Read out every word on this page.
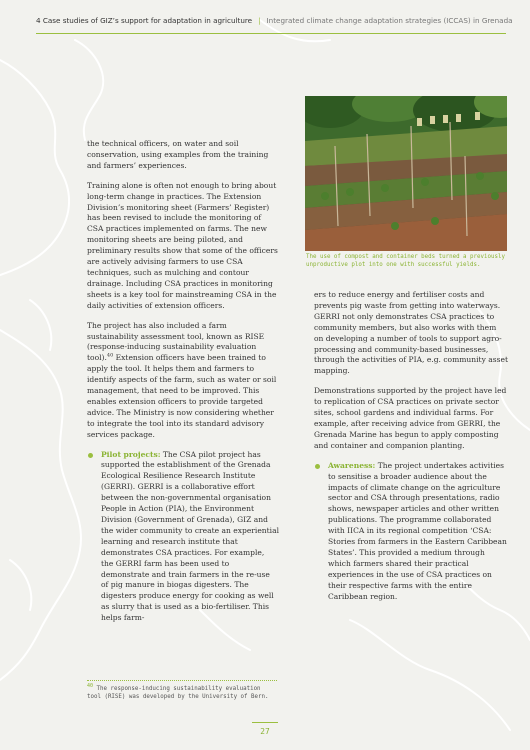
4 Case studies of GIZ’s support for adaptation in agriculture | Integrated climate change adaptation strategies (ICCAS) in Grenada

the technical officers, on water and soil conservation, using examples from the training and farmers’ experiences.

Training alone is often not enough to bring about long-term change in practices. The Extension Division’s monitoring sheet (Farmers’ Register) has been revised to include the monitoring of CSA practices implemented on farms. The new monitoring sheets are being piloted, and preliminary results show that some of the officers are actively advising farmers to use CSA techniques, such as mulching and contour drainage. Including CSA practices in monitoring sheets is a key tool for mainstreaming CSA in the daily activities of extension officers.

The project has also included a farm sustainability assessment tool, known as RISE (response-inducing sustainability evaluation tool).$^{40}$ Extension officers have been trained to apply the tool. It helps them and farmers to identify aspects of the farm, such as water or soil management, that need to be improved. This enables extension officers to provide targeted advice. The Ministry is now considering whether to integrate the tool into its standard advisory services package.

Pilot projects: The CSA pilot project has supported the establishment of the Grenada Ecological Resilience Research Institute (GERRI). GERRI is a collaborative effort between the non-governmental organisation People in Action (PIA), the Environment Division (Government of Grenada), GIZ and the wider community to create an experiential learning and research institute that demonstrates CSA practices. For example, the GERRI farm has been used to demonstrate and train farmers in the re-use of pig manure in biogas digesters. The digesters produce energy for cooking as well as slurry that is used as a bio-fertiliser. This helps farm-

The use of compost and container beds turned a previously unproductive plot into one with successful yields.

ers to reduce energy and fertiliser costs and prevents pig waste from getting into waterways. GERRI not only demonstrates CSA practices to community members, but also works with them on developing a number of tools to support agro-processing and community-based businesses, through the activities of PIA, e.g. community asset mapping.

Demonstrations supported by the project have led to replication of CSA practices on private sector sites, school gardens and individual farms. For example, after receiving advice from GERRI, the Grenada Marine has begun to apply composting and container and companion planting.

Awareness: The project undertakes activities to sensitise a broader audience about the impacts of climate change on the agriculture sector and CSA through presentations, radio shows, newspaper articles and other written publications. The programme collaborated with IICA in its regional competition ‘CSA: Stories from farmers in the Eastern Caribbean States’. This provided a medium through which farmers shared their practical experiences in the use of CSA practices on their respective farms with the entire Caribbean region.

$^{40}$ The response-inducing sustainability evaluation tool (RISE) was developed by the University of Bern.
27
